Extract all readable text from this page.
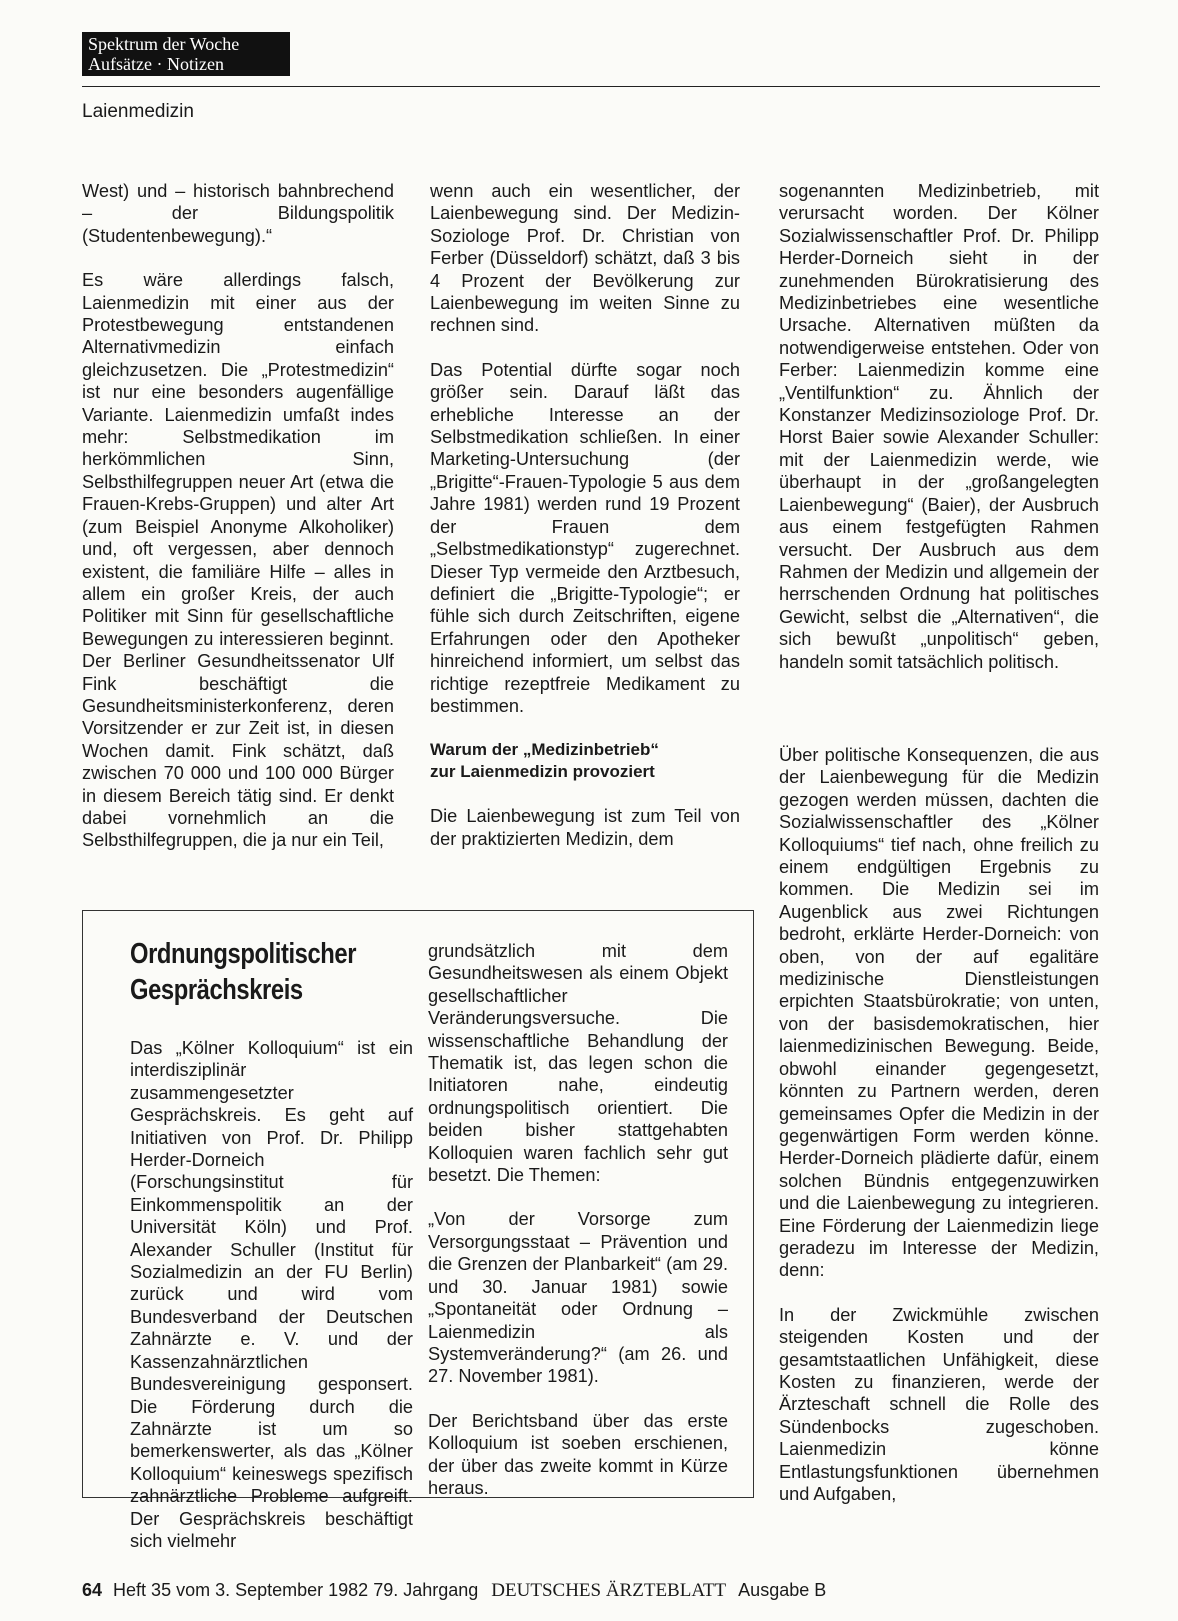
Spektrum der Woche
Aufsätze · Notizen
Laienmedizin

West) und – historisch bahnbrechend – der Bildungspolitik (Studentenbewegung).“

Es wäre allerdings falsch, Laienmedizin mit einer aus der Protestbewegung entstandenen Alternativmedizin einfach gleichzusetzen. Die „Protestmedizin“ ist nur eine besonders augenfällige Variante. Laienmedizin umfaßt indes mehr: Selbstmedikation im herkömmlichen Sinn, Selbsthilfegruppen neuer Art (etwa die Frauen-Krebs-Gruppen) und alter Art (zum Beispiel Anonyme Alkoholiker) und, oft vergessen, aber dennoch existent, die familiäre Hilfe – alles in allem ein großer Kreis, der auch Politiker mit Sinn für gesellschaftliche Bewegungen zu interessieren beginnt. Der Berliner Gesundheitssenator Ulf Fink beschäftigt die Gesundheitsministerkonferenz, deren Vorsitzender er zur Zeit ist, in diesen Wochen damit. Fink schätzt, daß zwischen 70 000 und 100 000 Bürger in diesem Bereich tätig sind. Er denkt dabei vornehmlich an die Selbsthilfegruppen, die ja nur ein Teil,

wenn auch ein wesentlicher, der Laienbewegung sind. Der Medizin-Soziologe Prof. Dr. Christian von Ferber (Düsseldorf) schätzt, daß 3 bis 4 Prozent der Bevölkerung zur Laienbewegung im weiten Sinne zu rechnen sind.

Das Potential dürfte sogar noch größer sein. Darauf läßt das erhebliche Interesse an der Selbstmedikation schließen. In einer Marketing-Untersuchung (der „Brigitte“-Frauen-Typologie 5 aus dem Jahre 1981) werden rund 19 Prozent der Frauen dem „Selbstmedikationstyp“ zugerechnet. Dieser Typ vermeide den Arztbesuch, definiert die „Brigitte-Typologie“; er fühle sich durch Zeitschriften, eigene Erfahrungen oder den Apotheker hinreichend informiert, um selbst das richtige rezeptfreie Medikament zu bestimmen.

Warum der „Medizinbetrieb“
zur Laienmedizin provoziert

Die Laienbewegung ist zum Teil von der praktizierten Medizin, dem

sogenannten Medizinbetrieb, mit verursacht worden. Der Kölner Sozialwissenschaftler Prof. Dr. Philipp Herder-Dorneich sieht in der zunehmenden Bürokratisierung des Medizinbetriebes eine wesentliche Ursache. Alternativen müßten da notwendigerweise entstehen. Oder von Ferber: Laienmedizin komme eine „Ventilfunktion“ zu. Ähnlich der Konstanzer Medizinsoziologe Prof. Dr. Horst Baier sowie Alexander Schuller: mit der Laienmedizin werde, wie überhaupt in der „großangelegten Laienbewegung“ (Baier), der Ausbruch aus einem festgefügten Rahmen versucht. Der Ausbruch aus dem Rahmen der Medizin und allgemein der herrschenden Ordnung hat politisches Gewicht, selbst die „Alternativen“, die sich bewußt „unpolitisch“ geben, handeln somit tatsächlich politisch.

Über politische Konsequenzen, die aus der Laienbewegung für die Medizin gezogen werden müssen, dachten die Sozialwissenschaftler des „Kölner Kolloquiums“ tief nach, ohne freilich zu einem endgültigen Ergebnis zu kommen. Die Medizin sei im Augenblick aus zwei Richtungen bedroht, erklärte Herder-Dorneich: von oben, von der auf egalitäre medizinische Dienstleistungen erpichten Staatsbürokratie; von unten, von der basisdemokratischen, hier laienmedizinischen Bewegung. Beide, obwohl einander gegengesetzt, könnten zu Partnern werden, deren gemeinsames Opfer die Medizin in der gegenwärtigen Form werden könne. Herder-Dorneich plädierte dafür, einem solchen Bündnis entgegenzuwirken und die Laienbewegung zu integrieren. Eine Förderung der Laienmedizin liege geradezu im Interesse der Medizin, denn:

In der Zwickmühle zwischen steigenden Kosten und der gesamtstaatlichen Unfähigkeit, diese Kosten zu finanzieren, werde der Ärzteschaft schnell die Rolle des Sündenbocks zugeschoben. Laienmedizin könne Entlastungsfunktionen übernehmen und Aufgaben,

Ordnungspolitischer
Gesprächskreis

Das „Kölner Kolloquium“ ist ein interdisziplinär zusammengesetzter Gesprächskreis. Es geht auf Initiativen von Prof. Dr. Philipp Herder-Dorneich (Forschungsinstitut für Einkommenspolitik an der Universität Köln) und Prof. Alexander Schuller (Institut für Sozialmedizin an der FU Berlin) zurück und wird vom Bundesverband der Deutschen Zahnärzte e. V. und der Kassenzahnärztlichen Bundesvereinigung gesponsert. Die Förderung durch die Zahnärzte ist um so bemerkenswerter, als das „Kölner Kolloquium“ keineswegs spezifisch zahnärztliche Probleme aufgreift. Der Gesprächskreis beschäftigt sich vielmehr

grundsätzlich mit dem Gesundheitswesen als einem Objekt gesellschaftlicher Veränderungsversuche. Die wissenschaftliche Behandlung der Thematik ist, das legen schon die Initiatoren nahe, eindeutig ordnungspolitisch orientiert. Die beiden bisher stattgehabten Kolloquien waren fachlich sehr gut besetzt. Die Themen:

„Von der Vorsorge zum Versorgungsstaat – Prävention und die Grenzen der Planbarkeit“ (am 29. und 30. Januar 1981) sowie „Spontaneität oder Ordnung – Laienmedizin als Systemveränderung?“ (am 26. und 27. November 1981).

Der Berichtsband über das erste Kolloquium ist soeben erschienen, der über das zweite kommt in Kürze heraus.

64 Heft 35 vom 3. September 1982 79. Jahrgang DEUTSCHES ÄRZTEBLATT Ausgabe B
